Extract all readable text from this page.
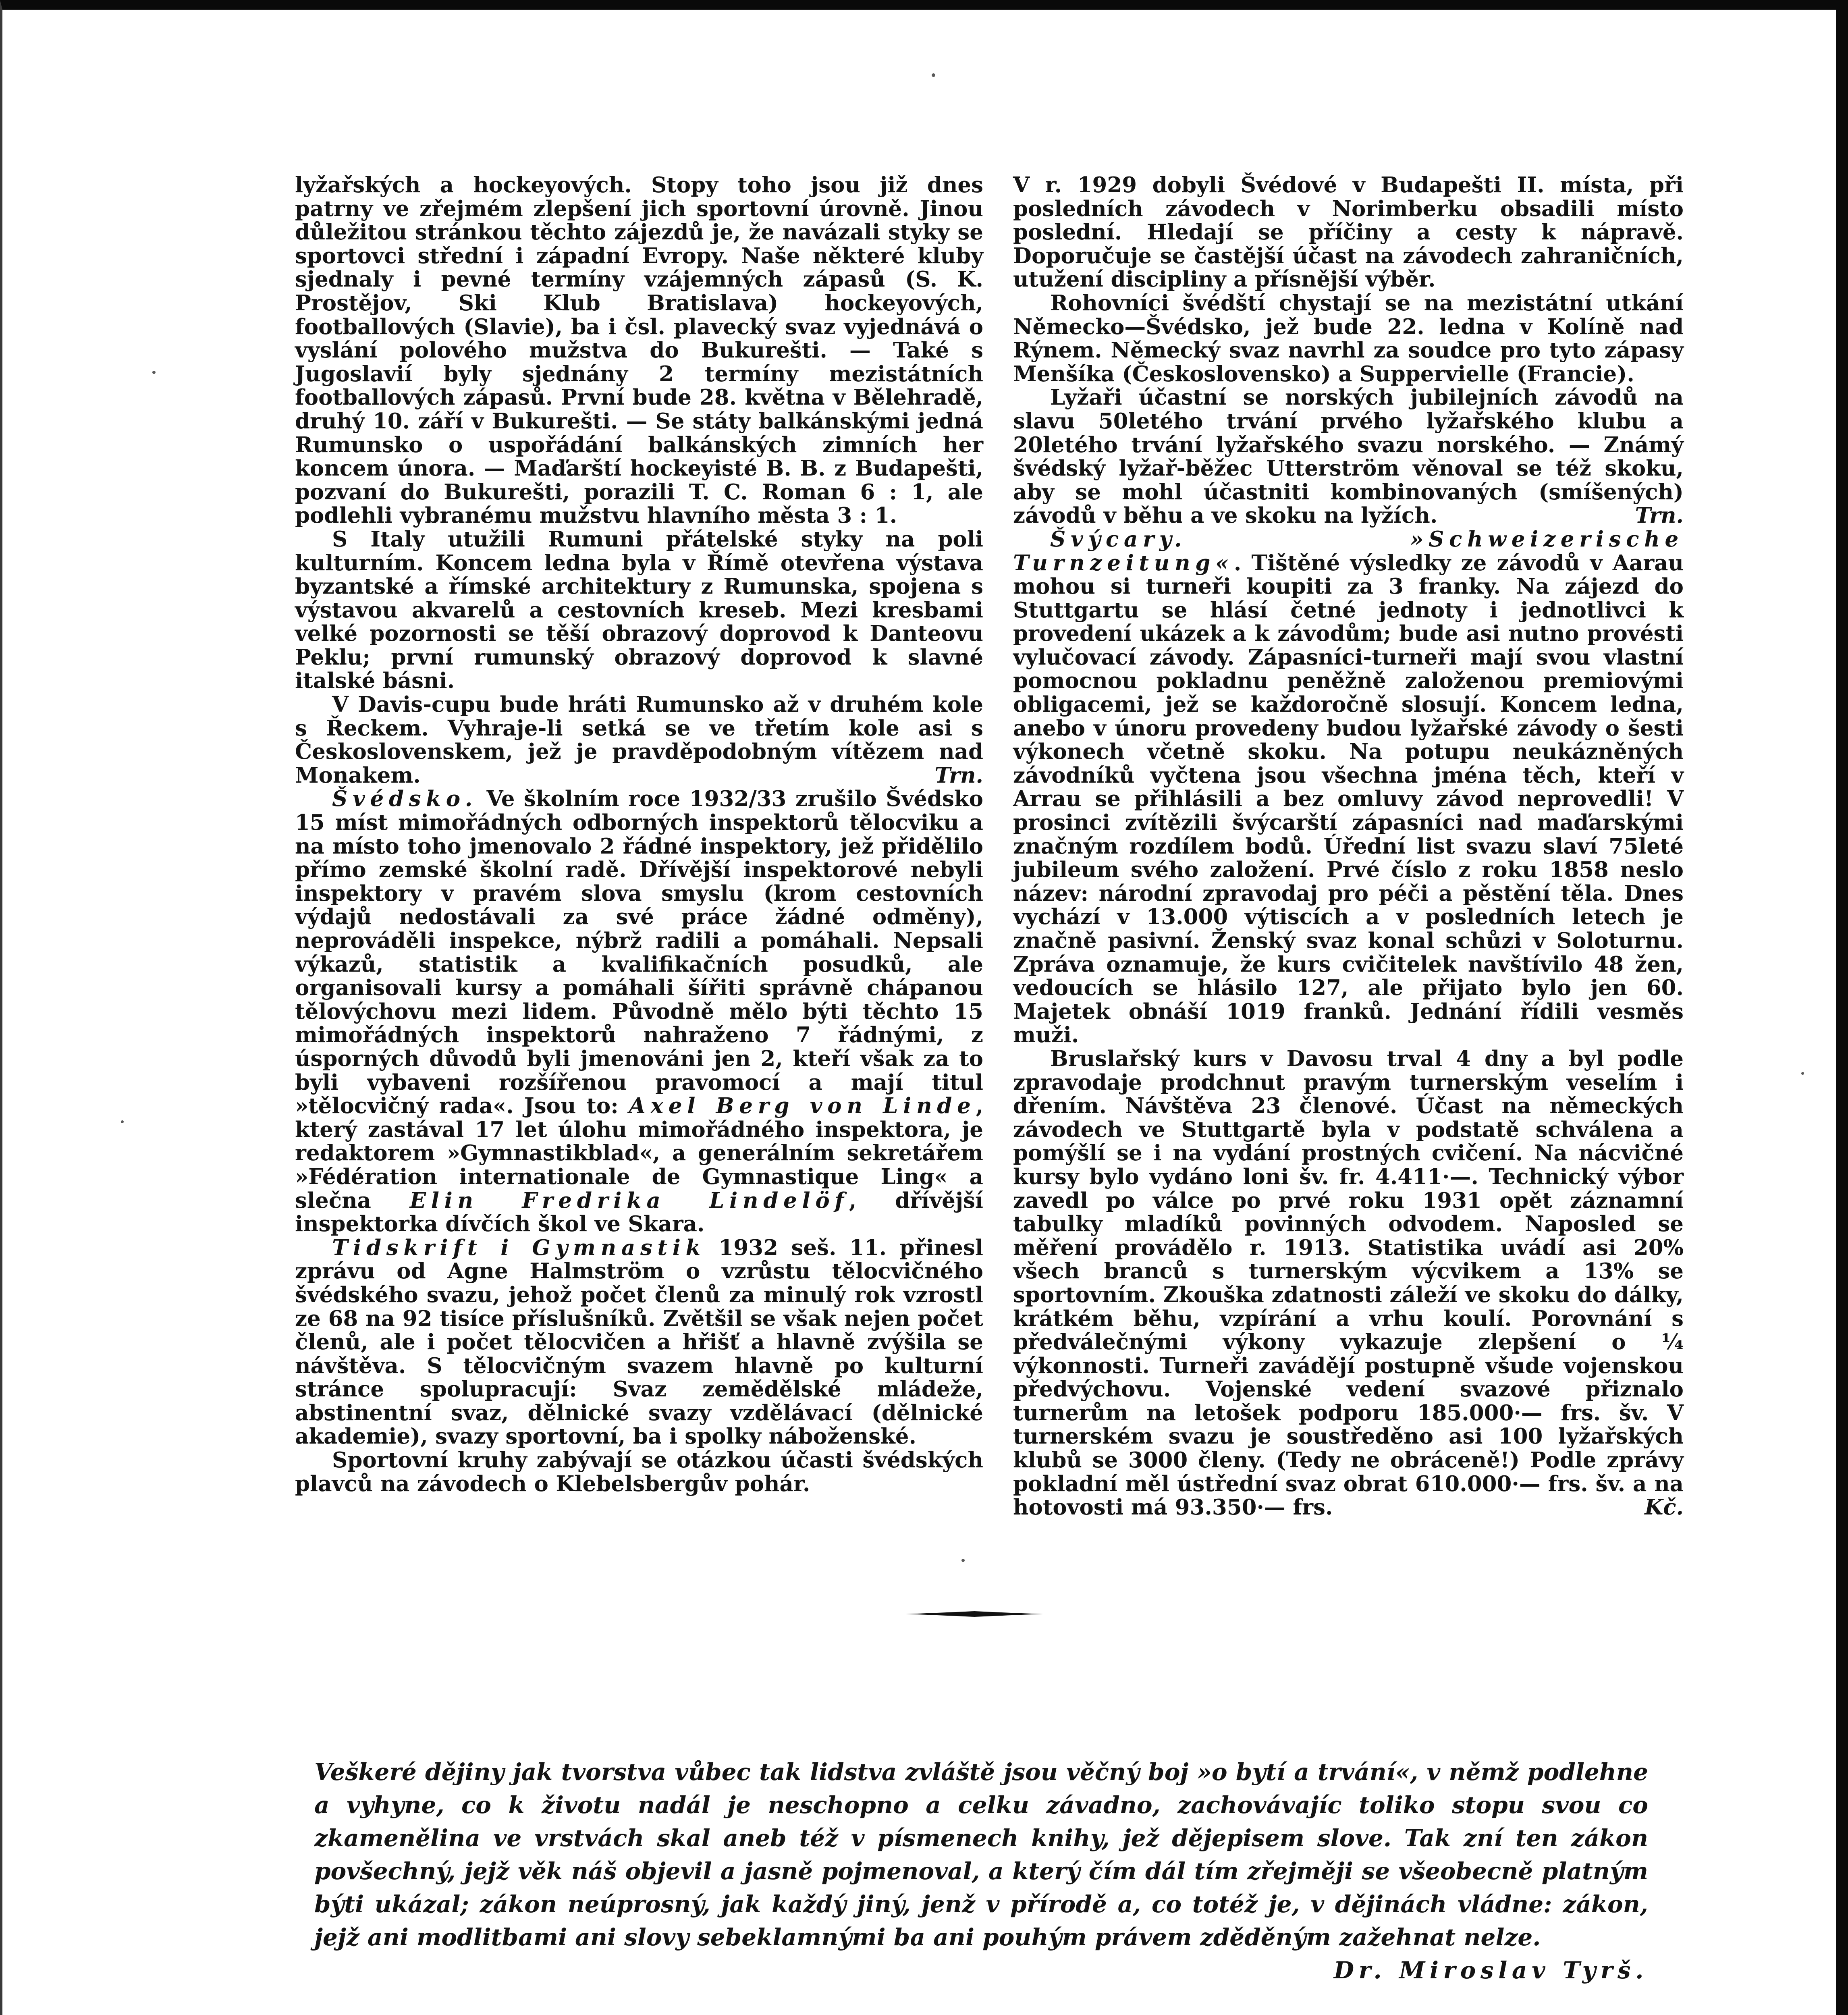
lyžařských a hockeyových. Stopy toho jsou již dnes patrny ve zřejmém zlepšení jich sportovní úrovně. Jinou důležitou stránkou těchto zájezdů je, že navázali styky se sportovci střední i západní Evropy. Naše některé kluby sjednaly i pevné termíny vzájemných zápasů (S. K. Prostějov, Ski Klub Bratislava) hockeyových, footballových (Slavie), ba i čsl. plavecký svaz vyjednává o vyslání polového mužstva do Bukurešti. — Také s Jugoslavií byly sjednány 2 termíny mezistátních footballových zápasů. První bude 28. května v Bělehradě, druhý 10. září v Bukurešti. — Se státy balkánskými jedná Rumunsko o uspořádání balkánských zimních her koncem února. — Maďarští hockeyisté B. B. z Budapešti, pozvaní do Bukurešti, porazili T. C. Roman 6 : 1, ale podlehli vybranému mužstvu hlavního města 3 : 1.

S Italy utužili Rumuni přátelské styky na poli kulturním. Koncem ledna byla v Římě otevřena výstava byzantské a římské architektury z Rumunska, spojena s výstavou akvarelů a cestovních kreseb. Mezi kresbami velké pozornosti se těší obrazový doprovod k Danteovu Peklu; první rumunský obrazový doprovod k slavné italské básni.

V Davis-cupu bude hráti Rumunsko až v druhém kole s Řeckem. Vyhraje-li setká se ve třetím kole asi s Československem, jež je pravděpodobným vítězem nad Monakem.	Trn.

Švédsko. Ve školním roce 1932/33 zrušilo Švédsko 15 míst mimořádných odborných inspektorů tělocviku a na místo toho jmenovalo 2 řádné inspektory, jež přidělilo přímo zemské školní radě. Dřívější inspektorové nebyli inspektory v pravém slova smyslu (krom cestovních výdajů nedostávali za své práce žádné odměny), neprováděli inspekce, nýbrž radili a pomáhali. Nepsali výkazů, statistik a kvalifikačních posudků, ale organisovali kursy a pomáhali šířiti správně chápanou tělovýchovu mezi lidem. Původně mělo býti těchto 15 mimořádných inspektorů nahraženo 7 řádnými, z úsporných důvodů byli jmenováni jen 2, kteří však za to byli vybaveni rozšířenou pravomocí a mají titul »tělocvičný rada«. Jsou to: Axel Berg von Linde, který zastával 17 let úlohu mimořádného inspektora, je redaktorem »Gymnastikblad«, a generálním sekretářem »Fédération internationale de Gymnastique Ling« a slečna Elin Fredrika Lindelöf, dřívější inspektorka dívčích škol ve Skara.

Tidskrift i Gymnastik 1932 seš. 11. přinesl zprávu od Agne Halmström o vzrůstu tělocvičného švédského svazu, jehož počet členů za minulý rok vzrostl ze 68 na 92 tisíce příslušníků. Zvětšil se však nejen počet členů, ale i počet tělocvičen a hřišť a hlavně zvýšila se návštěva. S tělocvičným svazem hlavně po kulturní stránce spolupracují: Svaz zemědělské mládeže, abstinentní svaz, dělnické svazy vzdělávací (dělnické akademie), svazy sportovní, ba i spolky náboženské.

Sportovní kruhy zabývají se otázkou účasti švédských plavců na závodech o Klebelsbergův pohár.

V r. 1929 dobyli Švédové v Budapešti II. místa, při posledních závodech v Norimberku obsadili místo poslední. Hledají se příčiny a cesty k nápravě. Doporučuje se častější účast na závodech zahraničních, utužení discipliny a přísnější výběr.

Rohovníci švédští chystají se na mezistátní utkání Německo—Švédsko, jež bude 22. ledna v Kolíně nad Rýnem. Německý svaz navrhl za soudce pro tyto zápasy Menšíka (Československo) a Suppervielle (Francie).

Lyžaři účastní se norských jubilejních závodů na slavu 50letého trvání prvého lyžařského klubu a 20letého trvání lyžařského svazu norského. — Známý švédský lyžař-běžec Utterström věnoval se též skoku, aby se mohl účastniti kombinovaných (smíšených) závodů v běhu a ve skoku na lyžích.	Trn.

Švýcary.	»Schweizerische Turnzeitung«. Tištěné výsledky ze závodů v Aarau mohou si turneři koupiti za 3 franky. Na zájezd do Stuttgartu se hlásí četné jednoty i jednotlivci k provedení ukázek a k závodům; bude asi nutno provésti vylučovací závody. Zápasníci-turneři mají svou vlastní pomocnou pokladnu peněžně založenou premiovými obligacemi, jež se každoročně slosují. Koncem ledna, anebo v únoru provedeny budou lyžařské závody o šesti výkonech včetně skoku. Na potupu neukázněných závodníků vyčtena jsou všechna jména těch, kteří v Arrau se přihlásili a bez omluvy závod neprovedli! V prosinci zvítězili švýcarští zápasníci nad maďarskými značným rozdílem bodů. Úřední list svazu slaví 75leté jubileum svého založení. Prvé číslo z roku 1858 neslo název: národní zpravodaj pro péči a pěstění těla. Dnes vychází v 13.000 výtiscích a v posledních letech je značně pasivní. Ženský svaz konal schůzi v Soloturnu. Zpráva oznamuje, že kurs cvičitelek navštívilo 48 žen, vedoucích se hlásilo 127, ale přijato bylo jen 60. Majetek obnáší 1019 franků. Jednání řídili vesměs muži.

Bruslařský kurs v Davosu trval 4 dny a byl podle zpravodaje prodchnut pravým turnerským veselím i dřením. Návštěva 23 členové. Účast na německých závodech ve Stuttgartě byla v podstatě schválena a pomýšlí se i na vydání prostných cvičení. Na nácvičné kursy bylo vydáno loni šv. fr. 4.411·—. Technický výbor zavedl po válce po prvé roku 1931 opět záznamní tabulky mladíků povinných odvodem. Naposled se měření provádělo r. 1913. Statistika uvádí asi 20% všech branců s turnerským výcvikem a 13% se sportovním. Zkouška zdatnosti záleží ve skoku do dálky, krátkém běhu, vzpírání a vrhu koulí. Porovnání s předválečnými výkony vykazuje zlepšení o ¼ výkonnosti. Turneři zavádějí postupně všude vojenskou předvýchovu. Vojenské vedení svazové přiznalo turnerům na letošek podporu 185.000·— frs. šv. V turnerském svazu je soustředěno asi 100 lyžařských klubů se 3000 členy. (Tedy ne obráceně!) Podle zprávy pokladní měl ústřední svaz obrat 610.000·— frs. šv. a na hotovosti má 93.350·— frs.	Kč.

Veškeré dějiny jak tvorstva vůbec tak lidstva zvláště jsou věčný boj »o bytí a trvání«, v němž podlehne a vyhyne, co k životu nadál je neschopno a celku závadno, zachovávajíc toliko stopu svou co zkamenělina ve vrstvách skal aneb též v písmenech knihy, jež dějepisem slove. Tak zní ten zákon povšechný, jejž věk náš objevil a jasně pojmenoval, a který čím dál tím zřejměji se všeobecně platným býti ukázal; zákon neúprosný, jak každý jiný, jenž v přírodě a, co totéž je, v dějinách vládne: zákon, jejž ani modlitbami ani slovy sebeklamnými ba ani pouhým právem zděděným zažehnat nelze.
Dr. Miroslav Tyrš.
